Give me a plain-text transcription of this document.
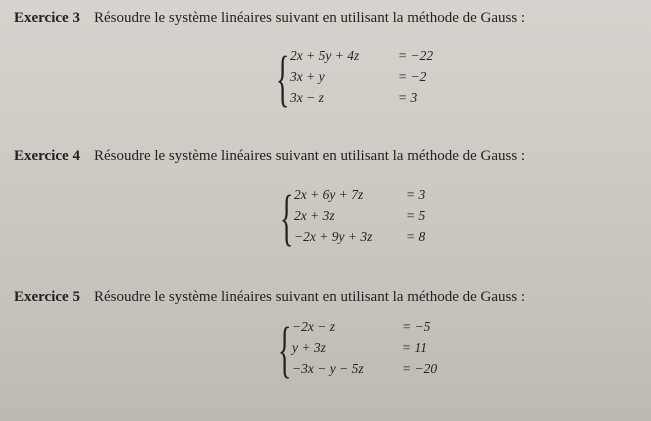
Exercice 3 Résoudre le système linéaires suivant en utilisant la méthode de Gauss :
{ 2x + 5y + 4z	= −22
3x + y	= −2
3x − z	= 3
Exercice 4 Résoudre le système linéaires suivant en utilisant la méthode de Gauss :
{ 2x + 6y + 7z	= 3
2x + 3z	= 5
−2x + 9y + 3z = 8
Exercice 5 Résoudre le système linéaires suivant en utilisant la méthode de Gauss :
{ −2x − z	= −5
y + 3z	= 11
−3x − y − 5z	= −20
